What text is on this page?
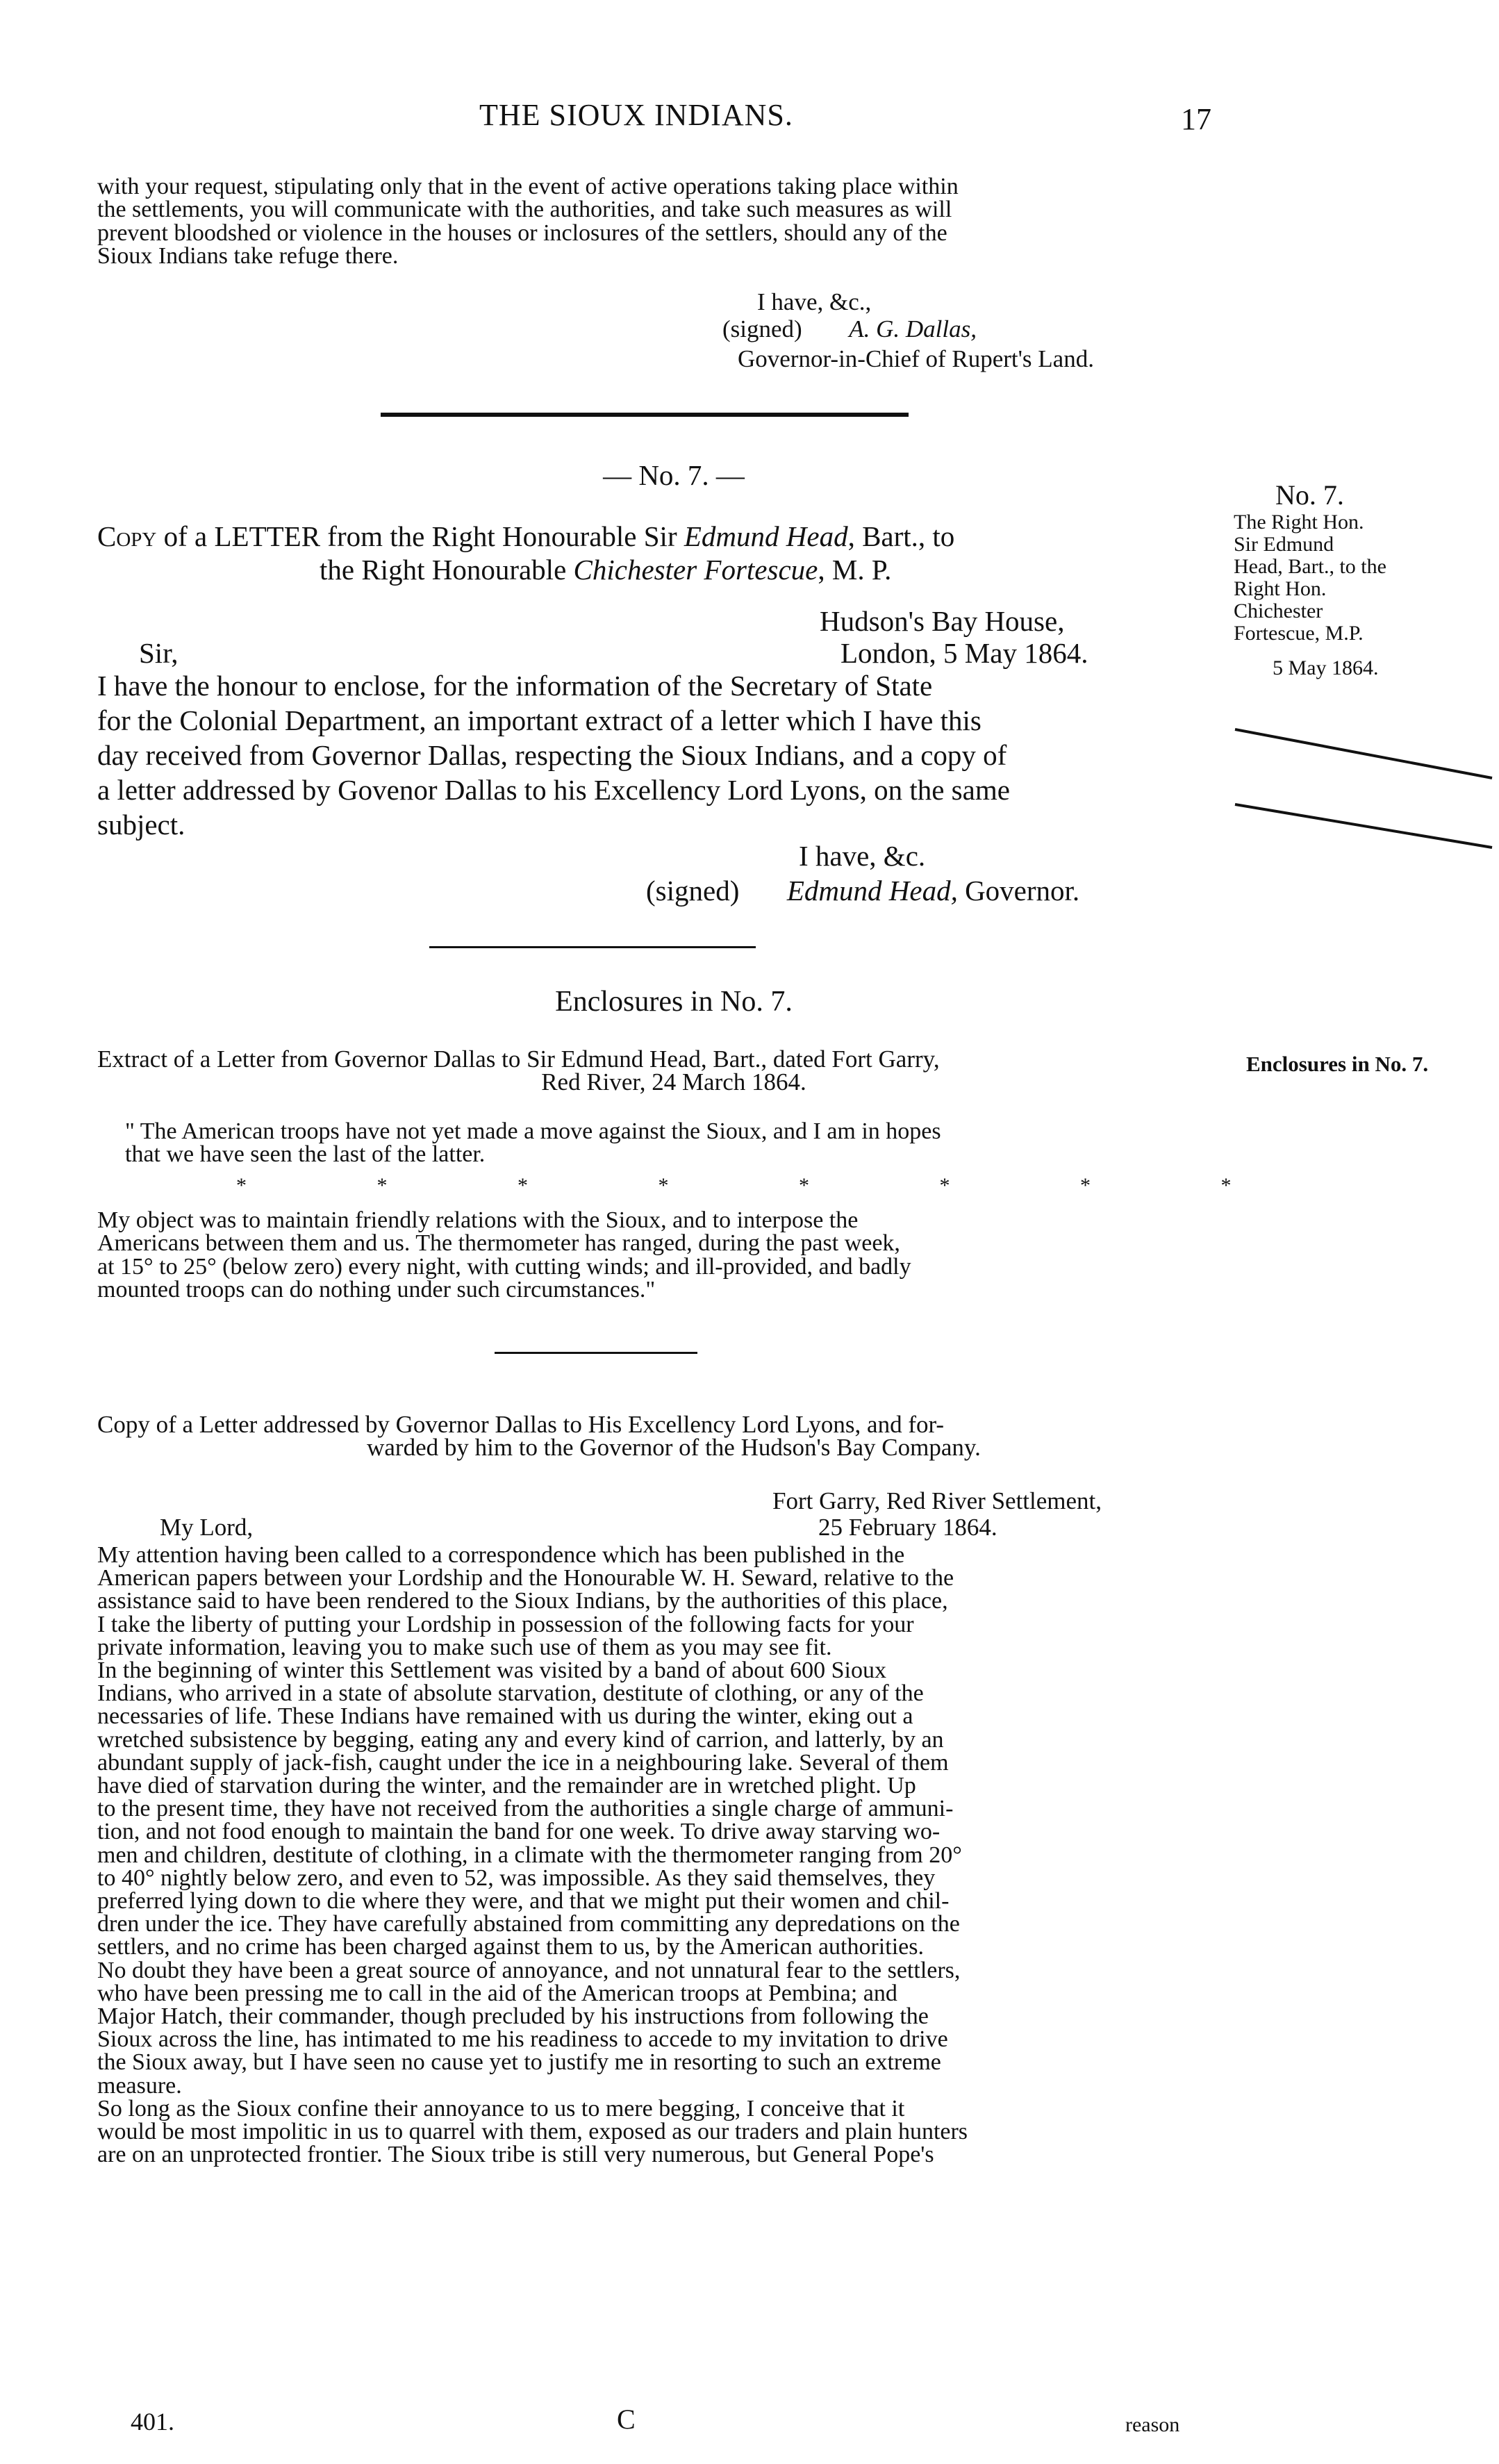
THE SIOUX INDIANS.	17
with your request, stipulating only that in the event of active operations taking place within
the settlements, you will communicate with the authorities, and take such measures as will
prevent bloodshed or violence in the houses or inclosures of the settlers, should any of the
Sioux Indians take refuge there.
I have, &c.,
(signed) A. G. Dallas,
Governor-in-Chief of Rupert's Land.
— No. 7. —
Copy of a LETTER from the Right Honourable Sir Edmund Head, Bart., to
the Right Honourable Chichester Fortescue, M. P.
Hudson's Bay House,
Sir,	London, 5 May 1864.
I have the honour to enclose, for the information of the Secretary of State
for the Colonial Department, an important extract of a letter which I have this
day received from Governor Dallas, respecting the Sioux Indians, and a copy of
a letter addressed by Govenor Dallas to his Excellency Lord Lyons, on the same
subject.
I have, &c.
(signed) Edmund Head, Governor.
No. 7.
The Right Hon.
Sir Edmund
Head, Bart., to the
Right Hon.
Chichester
Fortescue, M.P.
5 May 1864.
Enclosures in No. 7.
Enclosures in No. 7.
Extract of a Letter from Governor Dallas to Sir Edmund Head, Bart., dated Fort Garry,
Red River, 24 March 1864.
" The American troops have not yet made a move against the Sioux, and I am in hopes
that we have seen the last of the latter.
* * * * * * * *
My object was to maintain friendly relations with the Sioux, and to interpose the
Americans between them and us. The thermometer has ranged, during the past week,
at 15° to 25° (below zero) every night, with cutting winds; and ill-provided, and badly
mounted troops can do nothing under such circumstances."
Copy of a Letter addressed by Governor Dallas to His Excellency Lord Lyons, and for-
warded by him to the Governor of the Hudson's Bay Company.
Fort Garry, Red River Settlement,
My Lord,	25 February 1864.
My attention having been called to a correspondence which has been published in the
American papers between your Lordship and the Honourable W. H. Seward, relative to the
assistance said to have been rendered to the Sioux Indians, by the authorities of this place,
I take the liberty of putting your Lordship in possession of the following facts for your
private information, leaving you to make such use of them as you may see fit.
In the beginning of winter this Settlement was visited by a band of about 600 Sioux
Indians, who arrived in a state of absolute starvation, destitute of clothing, or any of the
necessaries of life. These Indians have remained with us during the winter, eking out a
wretched subsistence by begging, eating any and every kind of carrion, and latterly, by an
abundant supply of jack-fish, caught under the ice in a neighbouring lake. Several of them
have died of starvation during the winter, and the remainder are in wretched plight. Up
to the present time, they have not received from the authorities a single charge of ammuni-
tion, and not food enough to maintain the band for one week. To drive away starving wo-
men and children, destitute of clothing, in a climate with the thermometer ranging from 20°
to 40° nightly below zero, and even to 52, was impossible. As they said themselves, they
preferred lying down to die where they were, and that we might put their women and chil-
dren under the ice. They have carefully abstained from committing any depredations on the
settlers, and no crime has been charged against them to us, by the American authorities.
No doubt they have been a great source of annoyance, and not unnatural fear to the settlers,
who have been pressing me to call in the aid of the American troops at Pembina; and
Major Hatch, their commander, though precluded by his instructions from following the
Sioux across the line, has intimated to me his readiness to accede to my invitation to drive
the Sioux away, but I have seen no cause yet to justify me in resorting to such an extreme
measure.
So long as the Sioux confine their annoyance to us to mere begging, I conceive that it
would be most impolitic in us to quarrel with them, exposed as our traders and plain hunters
are on an unprotected frontier. The Sioux tribe is still very numerous, but General Pope's
401.	C	reason
